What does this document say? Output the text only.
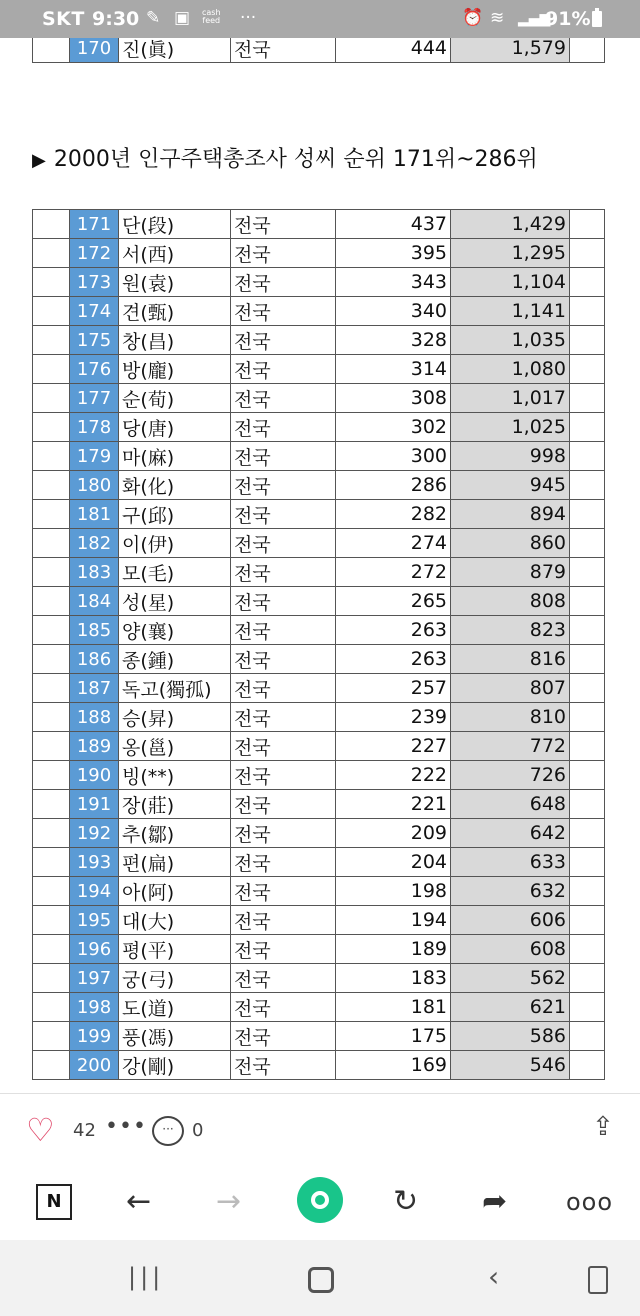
SKT 9:30 ✎ ▣ cash
feed ···	⏰ ≋ ▂▄▆
91%
	170	진(眞)	전국	444	1,579	
▶ 2000년 인구주택총조사 성씨 순위 171위~286위
	171	단(段)	전국	437	1,429	
	172	서(西)	전국	395	1,295	
	173	원(袁)	전국	343	1,104	
	174	견(甄)	전국	340	1,141	
	175	창(昌)	전국	328	1,035	
	176	방(龐)	전국	314	1,080	
	177	순(荀)	전국	308	1,017	
	178	당(唐)	전국	302	1,025	
	179	마(麻)	전국	300	998	
	180	화(化)	전국	286	945	
	181	구(邱)	전국	282	894	
	182	이(伊)	전국	274	860	
	183	모(毛)	전국	272	879	
	184	성(星)	전국	265	808	
	185	양(襄)	전국	263	823	
	186	종(鍾)	전국	263	816	
	187	독고(獨孤)	전국	257	807	
	188	승(昇)	전국	239	810	
	189	옹(邕)	전국	227	772	
	190	빙(**)	전국	222	726	
	191	장(莊)	전국	221	648	
	192	추(鄒)	전국	209	642	
	193	편(扁)	전국	204	633	
	194	아(阿)	전국	198	632	
	195	대(大)	전국	194	606	
	196	평(平)	전국	189	608	
	197	궁(弓)	전국	183	562	
	198	도(道)	전국	181	621	
	199	풍(馮)	전국	175	586	
	200	강(剛)	전국	169	546	
♡ 42 •••	···	0	⇪
N	← →	↻ ➦ ooo
|||	‹
